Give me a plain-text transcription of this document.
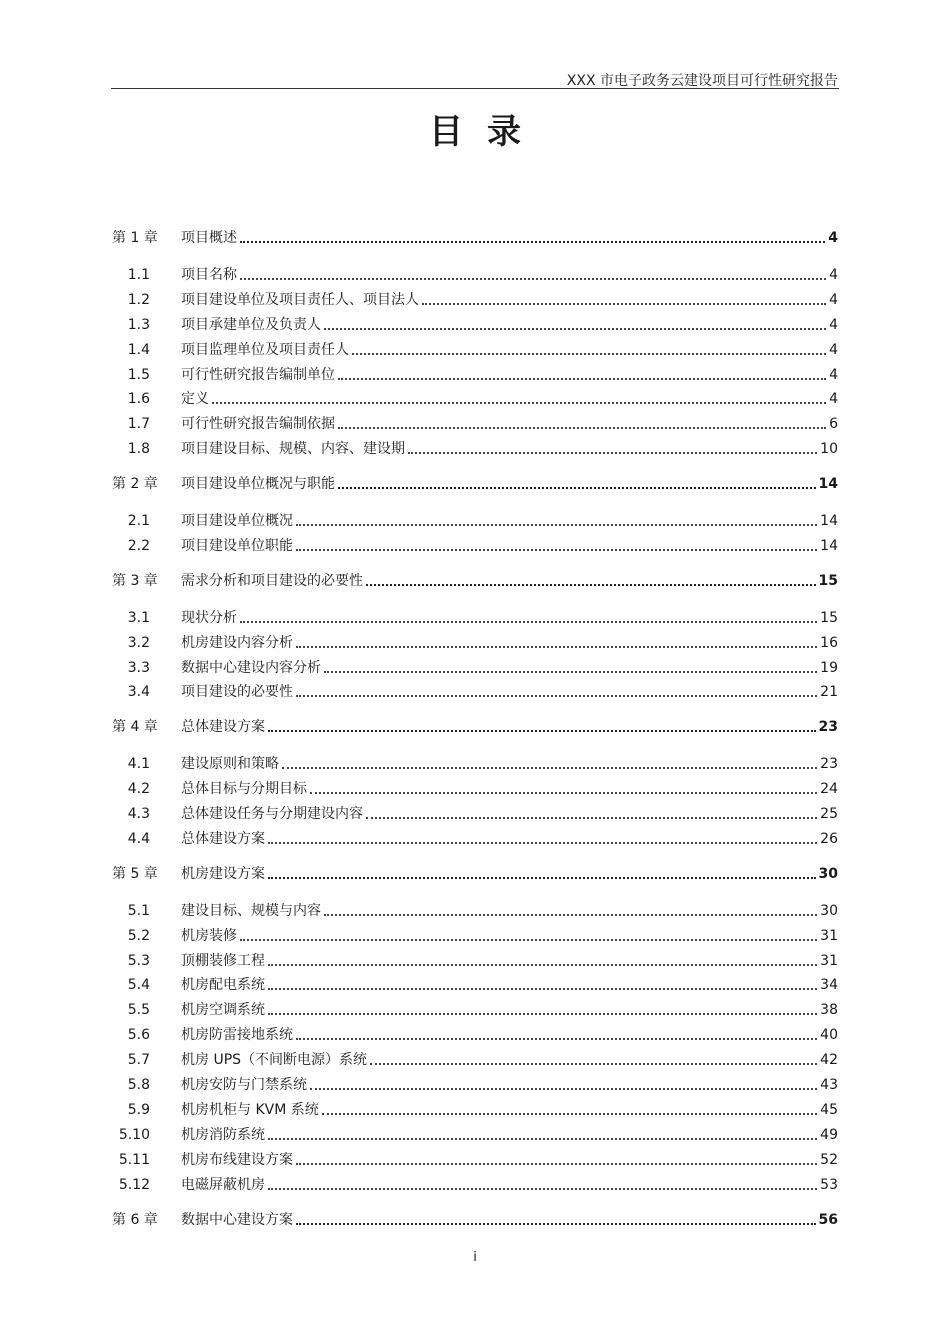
XXX 市电子政务云建设项目可行性研究报告
目录
第 1 章	项目概述	4
1.1 项目名称	4
1.2 项目建设单位及项目责任人、项目法人	4
1.3 项目承建单位及负责人	4
1.4 项目监理单位及项目责任人	4
1.5 可行性研究报告编制单位	4
1.6 定义	4
1.7 可行性研究报告编制依据	6
1.8 项目建设目标、规模、内容、建设期	10
第 2 章	项目建设单位概况与职能	14
2.1 项目建设单位概况	14
2.2 项目建设单位职能	14
第 3 章	需求分析和项目建设的必要性	15
3.1 现状分析	15
3.2 机房建设内容分析	16
3.3 数据中心建设内容分析	19
3.4 项目建设的必要性	21
第 4 章	总体建设方案	23
4.1 建设原则和策略	23
4.2 总体目标与分期目标	24
4.3 总体建设任务与分期建设内容	25
4.4 总体建设方案	26
第 5 章	机房建设方案	30
5.1 建设目标、规模与内容	30
5.2 机房装修	31
5.3 顶棚装修工程	31
5.4 机房配电系统	34
5.5 机房空调系统	38
5.6 机房防雷接地系统	40
5.7 机房 UPS（不间断电源）系统	42
5.8 机房安防与门禁系统	43
5.9 机房机柜与 KVM 系统	45
5.10 机房消防系统	49
5.11 机房布线建设方案	52
5.12 电磁屏蔽机房	53
第 6 章	数据中心建设方案	56
i
